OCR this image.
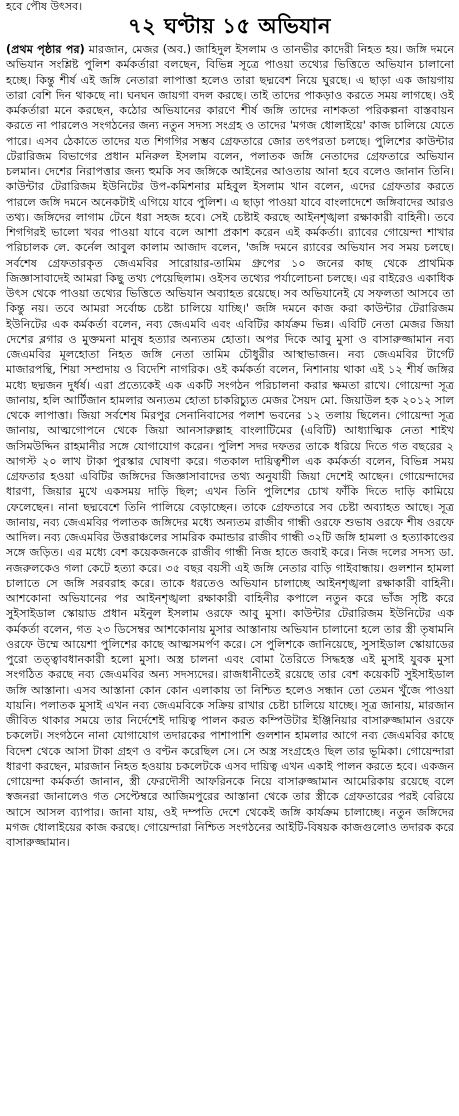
হবে পৌষ উৎসব।
৭২ ঘণ্টায় ১৫ অভিযান

(প্রথম পৃষ্ঠার পর) মারজান, মেজর (অব.) জাহিদুল ইসলাম ও তানভীর কাদেরী নিহত হয়। জঙ্গি দমনে অভিযান সংশ্লিষ্ট পুলিশ কর্মকর্তারা বলছেন, বিভিন্ন সূত্রে পাওয়া তথ্যের ভিত্তিতে অভিযান চালানো হচ্ছে। কিন্তু শীর্ষ এই জঙ্গি নেতারা লাপাত্তা হলেও তারা ছদ্মবেশ নিয়ে ঘুরছে। এ ছাড়া এক জায়গায় তারা বেশি দিন থাকছে না। ঘনঘন জায়গা বদল করছে। তাই তাদের পাকড়াও করতে সময় লাগছে। ওই কর্মকর্তারা মনে করছেন, কঠোর অভিযানের কারণে শীর্ষ জঙ্গি তাদের নাশকতা পরিকল্পনা বাস্তবায়ন করতে না পারলেও সংগঠনের জন্য নতুন সদস্য সংগ্রহ ও তাদের 'মগজ ধোলাইয়ে' কাজ চালিয়ে যেতে পারে। এসব ঠেকাতে তাদের যত শিগগির সম্ভব গ্রেফতারে জোর তৎপরতা চলছে। পুলিশের কাউন্টার টেরারিজম বিভাগের প্রধান মনিরুল ইসলাম বলেন, পলাতক জঙ্গি নেতাদের গ্রেফতারে অভিযান চলমান। দেশের নিরাপত্তার জন্য হুমকি সব জঙ্গিকে আইনের আওতায় আনা হবে বলেও জানান তিনি। কাউন্টার টেরারিজম ইউনিটের উপ-কমিশনার মহিবুল ইসলাম খান বলেন, এদের গ্রেফতার করতে পারলে জঙ্গি দমনে অনেকটাই এগিয়ে যাবে পুলিশ। এ ছাড়া পাওয়া যাবে বাংলাদেশে জঙ্গিবাদের আরও তথ্য। জঙ্গিদের লাগাম টেনে ধরা সহজ হবে। সেই চেষ্টাই করছে আইনশৃঙ্খলা রক্ষাকারী বাহিনী। তবে শিগগিরই ভালো খবর পাওয়া যাবে বলে আশা প্রকাশ করেন এই কর্মকর্তা। র‍্যাবের গোয়েন্দা শাখার পরিচালক লে. কর্নেল আবুল কালাম আজাদ বলেন, 'জঙ্গি দমনে র‍্যাবের অভিযান সব সময় চলছে। সর্বশেষ গ্রেফতারকৃত জেএমবির সারোয়ার-তামিম গ্রুপের ১০ জনের কাছ থেকে প্রাথমিক জিজ্ঞাসাবাদেই আমরা কিছু তথ্য পেয়েছিলাম। ওইসব তথ্যের পর্যালোচনা চলছে। এর বাইরেও একাধিক উৎস থেকে পাওয়া তথ্যের ভিত্তিতে অভিযান অব্যাহত রয়েছে। সব অভিযানেই যে সফলতা আসবে তা কিন্তু নয়। তবে আমরা সর্বোচ্চ চেষ্টা চালিয়ে যাচ্ছি।' জঙ্গি দমনে কাজ করা কাউন্টার টেরারিজম ইউনিটের এক কর্মকর্তা বলেন, নব্য জেএমবি এবং এবিটির কার্যক্রম ভিন্ন। এবিটি নেতা মেজর জিয়া দেশের ব্লগার ও মুক্তমনা মানুষ হত্যার অন্যতম হোতা। অপর দিকে আবু মুসা ও বাসারুজ্জামান নব্য জেএমবির মূলহোতা নিহত জঙ্গি নেতা তামিম চৌধুরীর আস্থাভাজন। নব্য জেএমবির টার্গেট মাজারপন্থি, শিয়া সম্প্রদায় ও বিদেশি নাগরিক। ওই কর্মকর্তা বলেন, নিশানায় থাকা এই ১২ শীর্ষ জঙ্গির মধ্যে ছদ্মজন দুর্ধর্ষ। এরা প্রত্যেকেই এক একটি সংগঠন পরিচালনা করার ক্ষমতা রাখে। গোয়েন্দা সূত্র জানায়, হলি আর্টিজান হামলার অন্যতম হোতা চাকরিচ্যুত মেজর সৈয়দ মো. জিয়াউল হক ২০১২ সাল থেকে লাপাত্তা। জিয়া সর্বশেষ মিরপুর সেনানিবাসের পলাশ ভবনের ১২ তলায় ছিলেন। গোয়েন্দা সূত্র জানায়, আত্মগোপনে থেকে জিয়া আনসারুল্লাহ বাংলাটিমের (এবিটি) আধ্যাত্মিক নেতা শাইখ জসিমউদ্দিন রাহমানীর সঙ্গে যোগাযোগ করেন। পুলিশ সদর দফতর তাকে ধরিয়ে দিতে গত বছরের ২ আগস্ট ২০ লাখ টাকা পুরস্কার ঘোষণা করে। গতকাল দায়িত্বশীল এক কর্মকর্তা বলেন, বিভিন্ন সময় গ্রেফতার হওয়া এবিটির জঙ্গিদের জিজ্ঞাসাবাদের তথ্য অনুযায়ী জিয়া দেশেই আছেন। গোয়েন্দাদের ধারণা, জিয়ার মুখে একসময় দাড়ি ছিল; এখন তিনি পুলিশের চোখ ফাঁকি দিতে দাড়ি কামিয়ে ফেলেছেন। নানা ছদ্মবেশে তিনি পালিয়ে বেড়াচ্ছেন। তাকে গ্রেফতারে সব চেষ্টা অব্যাহত আছে। সূত্র জানায়, নব্য জেএমবির পলাতক জঙ্গিদের মধ্যে অন্যতম রাজীব গান্ধী ওরফে শুভাষ ওরফে শীষ ওরফে আদিল। নব্য জেএমবির উত্তরাঞ্চলের সামরিক কমান্ডার রাজীব গান্ধী ৩২টি জঙ্গি হামলা ও হত্যাকাণ্ডের সঙ্গে জড়িত। এর মধ্যে বেশ কয়েকজনকে রাজীব গান্ধী নিজ হাতে জবাই করে। নিজ দলের সদস্য ডা. নজরুলকেও গলা কেটে হত্যা করে। ৩৫ বছর বয়সী এই জঙ্গি নেতার বাড়ি গাইবান্ধায়। গুলশান হামলা চালাতে সে জঙ্গি সরবরাহ করে। তাকে ধরতেও অভিযান চালাচ্ছে আইনশৃঙ্খলা রক্ষাকারী বাহিনী। আশকোনা অভিযানের পর আইনশৃঙ্খলা রক্ষাকারী বাহিনীর কপালে নতুন করে ভাঁজ সৃষ্টি করে সুইসাইডাল স্কোয়াড প্রধান মইনুল ইসলাম ওরফে আবু মুসা। কাউন্টার টেরারিজম ইউনিটের এক কর্মকর্তা বলেন, গত ২৩ ডিসেম্বর আশকোনায় মুসার আস্তানায় অভিযান চালানো হলে তার স্ত্রী তৃষামনি ওরফে উম্মে আয়েশা পুলিশের কাছে আত্মসমর্পণ করে। সে পুলিশকে জানিয়েছে, সুসাইডাল স্কোয়াডের পুরো তত্ত্বাবধানকারী হলো মুসা। অস্ত্র চালনা এবং বোমা তৈরিতে সিদ্ধহস্ত এই মুসাই যুবক মুসা সংগঠিত করছে নব্য জেএমবির অন্য সদস্যদের। রাজধানীতেই রয়েছে তার বেশ কয়েকটি সুইসাইডাল জঙ্গি আস্তানা। এসব আস্তানা কোন কোন এলাকায় তা নিশ্চিত হলেও সন্ধান তো তেমন খুঁজে পাওয়া যায়নি। পলাতক মুসাই এখন নব্য জেএমবিকে সক্রিয় রাখার চেষ্টা চালিয়ে যাচ্ছে। সূত্র জানায়, মারজান জীবিত থাকার সময়ে তার নির্দেশেই দায়িত্ব পালন করত কম্পিউটার ইঞ্জিনিয়ার বাসারুজ্জামান ওরফে চকলেট। সংগঠনে নানা যোগাযোগ তদারকের পাশাপাশি গুলশান হামলার আগে নব্য জেএমবির কাছে বিদেশ থেকে আসা টাকা গ্রহণ ও বণ্টন করেছিল সে। সে অস্ত্র সংগ্রহেও ছিল তার ভূমিকা। গোয়েন্দারা ধারণা করছেন, মারজান নিহত হওয়ায় চকলেটকে এসব দায়িত্ব এখন একাই পালন করতে হবে। একজন গোয়েন্দা কর্মকর্তা জানান, স্ত্রী ফেরদৌসী আফরিনকে নিয়ে বাসারুজ্জামান আমেরিকায় রয়েছে বলে স্বজনরা জানালেও গত সেপ্টেম্বরে আজিমপুরের আস্তানা থেকে তার স্ত্রীকে গ্রেফতারের পরই বেরিয়ে আসে আসল ব্যাপার। জানা যায়, ওই দম্পতি দেশে থেকেই জঙ্গি কার্যক্রম চালাচ্ছে। নতুন জঙ্গিদের মগজ ধোলাইয়ের কাজ করছে। গোয়েন্দারা নিশ্চিত সংগঠনের আইটি-বিষয়ক কাজগুলোও তদারক করে বাসারুজ্জামান।
